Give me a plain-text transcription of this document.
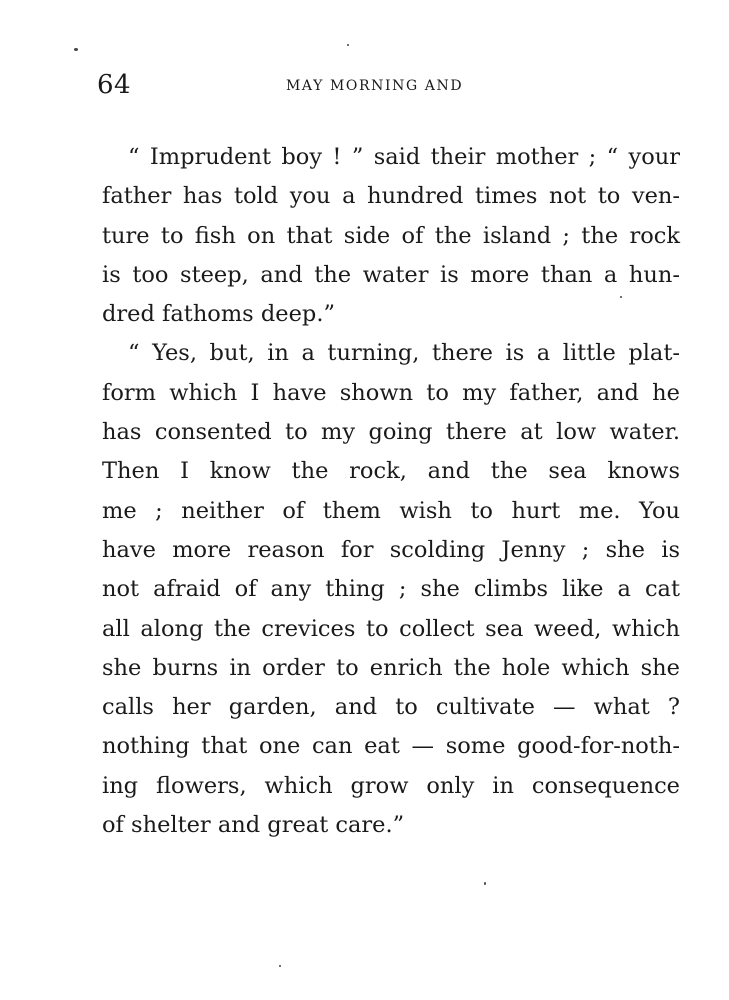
64	MAY MORNING AND
“ Imprudent boy ! ” said their mother ; “ your
father has told you a hundred times not to ven-
ture to fish on that side of the island ; the rock
is too steep, and the water is more than a hun-
dred fathoms deep.”
“ Yes, but, in a turning, there is a little plat-
form which I have shown to my father, and he
has consented to my going there at low water.
Then I know the rock, and the sea knows
me ; neither of them wish to hurt me. You
have more reason for scolding Jenny ; she is
not afraid of any thing ; she climbs like a cat
all along the crevices to collect sea weed, which
she burns in order to enrich the hole which she
calls her garden, and to cultivate — what ?
nothing that one can eat — some good-for-noth-
ing flowers, which grow only in consequence
of shelter and great care.”
